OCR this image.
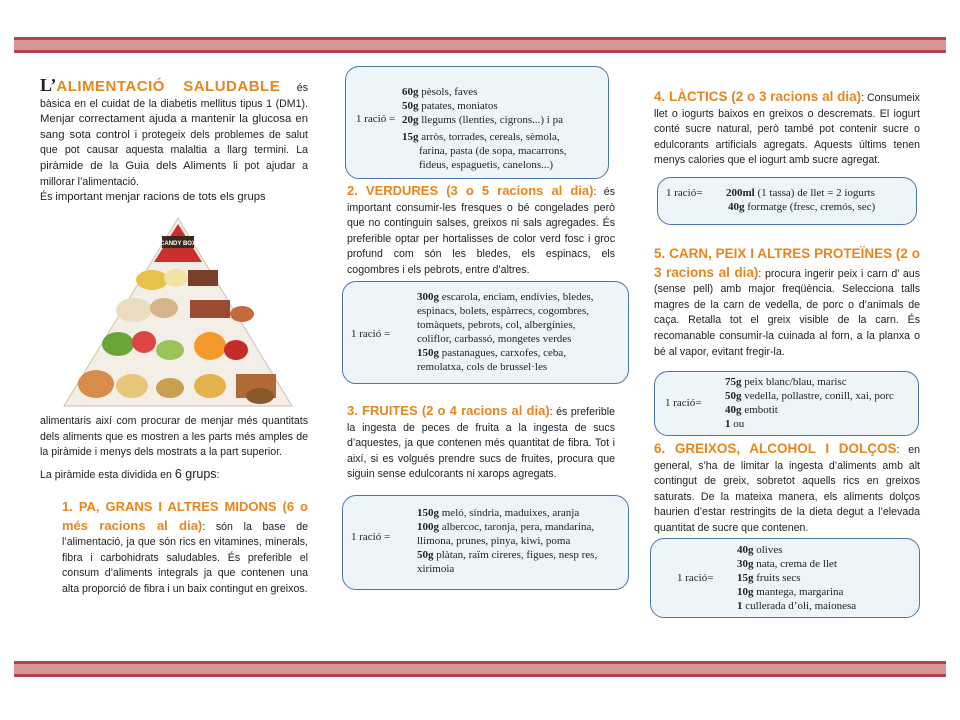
L’ALIMENTACIÓ SALUDABLE és bàsica en el cuidat de la diabetis mellitus tipus 1 (DM1). Menjar correctament ajuda a mantenir la glucosa en sang sota control i protegeix dels problemes de salut que pot causar aquesta malaltia a llarg termini. La piràmide de la Guia dels Aliments li pot ajudar a millorar l’alimentació.

És important menjar racions de tots els grups

CANDY BOX

alimentaris així com procurar de menjar més quantitats dels aliments que es mostren a les parts més amples de la piràmide i menys dels mostrats a la part superior.

La piràmide esta dividida en 6 grups:

1. PA, GRANS I ALTRES MIDONS (6 o més racions al dia): són la base de l’alimentació, ja que són rics en vitamines, minerals, fibra i carbohidrats saludables. És preferible el consum d’aliments integrals ja que contenen una alta proporció de fibra i un baix contingut en greixos.

1 ració =
60g pèsols, faves
50g patates, moniatos
20g llegums (llenties, cigrons...) i pa
15g arròs, torrades, cereals, sèmola,
farina, pasta (de sopa, macarrons,
fideus, espaguetis, canelons...)

2. VERDURES (3 o 5 racions al dia): és important consumir-les fresques o bé congelades però que no continguin salses, greixos ni sals agregades. És preferible optar per hortalisses de color verd fosc i groc profund com són les bledes, els espinacs, els cogombres i els pebrots, entre d’altres.

1 ració =
300g escarola, enciam, endívies, bledes,
espinacs, bolets, espàrrecs, cogombres,
tomàquets, pebrots, col, albergínies,
coliflor, carbassó, mongetes verdes
150g pastanagues, carxofes, ceba,
remolatxa, cols de brussel·les

3. FRUITES (2 o 4 racions al dia): és preferible la ingesta de peces de fruita a la ingesta de sucs d’aquestes, ja que contenen més quantitat de fibra. Tot i així, si es volgués prendre sucs de fruites, procura que siguin sense edulcorants ni xarops agregats.

1 ració =
150g meló, síndria, maduixes, aranja
100g albercoc, taronja, pera, mandarina,
llimona, prunes, pinya, kiwi, poma
50g plàtan, raïm cireres, figues, nesp res,
xirimoia

4. LÀCTICS (2 o 3 racions al dia): Consumeix llet o iogurts baixos en greixos o descremats. El iogurt conté sucre natural, però també pot contenir sucre o edulcorants artificials agregats. Aquests últims tenen menys calories que el iogurt amb sucre agregat.

1 ració= 200ml (1 tassa) de llet = 2 iogurts
40g formatge (fresc, cremós, sec)

5. CARN, PEIX I ALTRES PROTEÏNES (2 o 3 racions al dia): procura ingerir peix i carn d’ aus (sense pell) amb major freqüència. Selecciona talls magres de la carn de vedella, de porc o d’animals de caça. Retalla tot el greix visible de la carn. És recomanable consumir-la cuinada al forn, a la planxa o bé al vapor, evitant fregir-la.

1 ració=
75g peix blanc/blau, marisc
50g vedella, pollastre, conill, xai, porc
40g embotit
1 ou

6. GREIXOS, ALCOHOL I DOLÇOS: en general, s’ha de limitar la ingesta d’aliments amb alt contingut de greix, sobretot aquells rics en greixos saturats. De la mateixa manera, els aliments dolços haurien d’estar restringits de la dieta degut a l’elevada quantitat de sucre que contenen.

1 ració=
40g olives
30g nata, crema de llet
15g fruits secs
10g mantega, margarina
1 cullerada d’oli, maionesa
